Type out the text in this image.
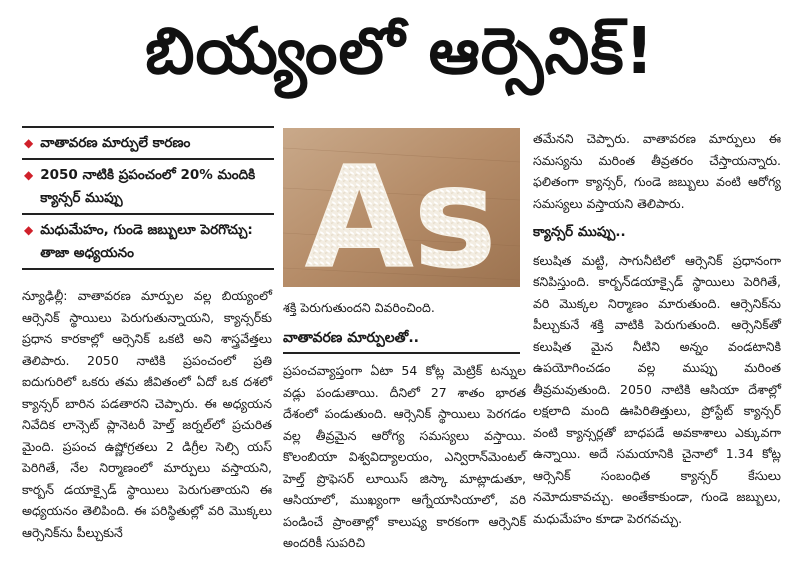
బియ్యంలో ఆర్సెనిక్!
◆ వాతావరణ మార్పులే కారణం
◆ 2050 నాటికి ప్రపంచంలో 20% మందికి క్యాన్సర్ ముప్పు
◆ మధుమేహం, గుండె జబ్బులూ పెరగొచ్చు: తాజా అధ్యయనం
న్యూఢిల్లీ: వాతావరణ మార్పుల వల్ల బియ్యంలో ఆర్సెనిక్ స్థాయిలు పెరుగుతున్నాయని, క్యాన్సర్‌కు ప్రధాన కారకాల్లో ఆర్సెనిక్ ఒకటి అని శాస్త్రవేత్తలు తెలిపారు. 2050 నాటికి ప్రపంచంలో ప్రతి ఐదుగురిలో ఒకరు తమ జీవితంలో ఏదో ఒక దశలో క్యాన్సర్ బారిన పడతారని చెప్పారు. ఈ అధ్యయన నివేదిక లాన్సెట్ ప్లానెటరీ హెల్త్ జర్నల్‌లో ప్రచురిత మైంది. ప్రపంచ ఉష్ణోగ్రతలు 2 డిగ్రీల సెల్సి యస్ పెరిగితే, నేల నిర్మాణంలో మార్పులు వస్తాయని, కార్బన్ డయాక్సైడ్ స్థాయిలు పెరుగుతాయని ఈ అధ్యయనం తెలిపింది. ఈ పరిస్థితుల్లో వరి మొక్కలు ఆర్సెనిక్‌ను పీల్చుకునే
As
శక్తి పెరుగుతుందని వివరించింది.
వాతావరణ మార్పులతో..
ప్రపంచవ్యాప్తంగా ఏటా 54 కోట్ల మెట్రిక్ టన్నుల వడ్లు పండుతాయి. దీనిలో 27 శాతం భారత దేశంలో పండుతుంది. ఆర్సెనిక్ స్థాయిలు పెరగడం వల్ల తీవ్రమైన ఆరోగ్య సమస్యలు వస్తాయి. కొలంబియా విశ్వవిద్యాలయం, ఎన్విరాన్‌మెంటల్ హెల్త్ ప్రొఫెసర్ లూయిస్ జిస్కా మాట్లాడుతూ, ఆసియాలో, ముఖ్యంగా ఆగ్నేయాసియాలో, వరి పండించే ప్రాంతాల్లో కాలుష్య కారకంగా ఆర్సెనిక్ అందరికీ సుపరిచి
తమేనని చెప్పారు. వాతావరణ మార్పులు ఈ సమస్యను మరింత తీవ్రతరం చేస్తాయన్నారు. ఫలితంగా క్యాన్సర్, గుండె జబ్బులు వంటి ఆరోగ్య సమస్యలు వస్తాయని తెలిపారు.
క్యాన్సర్ ముప్పు..
కలుషిత మట్టి, సాగునీటిలో ఆర్సెనిక్ ప్రధానంగా కనిపిస్తుంది. కార్బన్‌డయాక్సైడ్ స్థాయిలు పెరిగితే, వరి మొక్కల నిర్మాణం మారుతుంది. ఆర్సెనిక్‌ను పీల్చుకునే శక్తి వాటికి పెరుగుతుంది. ఆర్సెనిక్‌తో కలుషిత మైన నీటిని అన్నం వండటానికి ఉపయోగించడం వల్ల ముప్పు మరింత తీవ్రమవుతుంది. 2050 నాటికి ఆసియా దేశాల్లో లక్షలాది మంది ఊపిరితిత్తులు, ప్రోస్టేట్ క్యాన్సర్ వంటి క్యాన్సర్లతో బాధపడే అవకాశాలు ఎక్కువగా ఉన్నాయి. అదే సమయానికి చైనాలో 1.34 కోట్ల ఆర్సెనిక్ సంబంధిత క్యాన్సర్ కేసులు నమోదుకావచ్చు. అంతేకాకుండా, గుండె జబ్బులు, మధుమేహం కూడా పెరగవచ్చు.
